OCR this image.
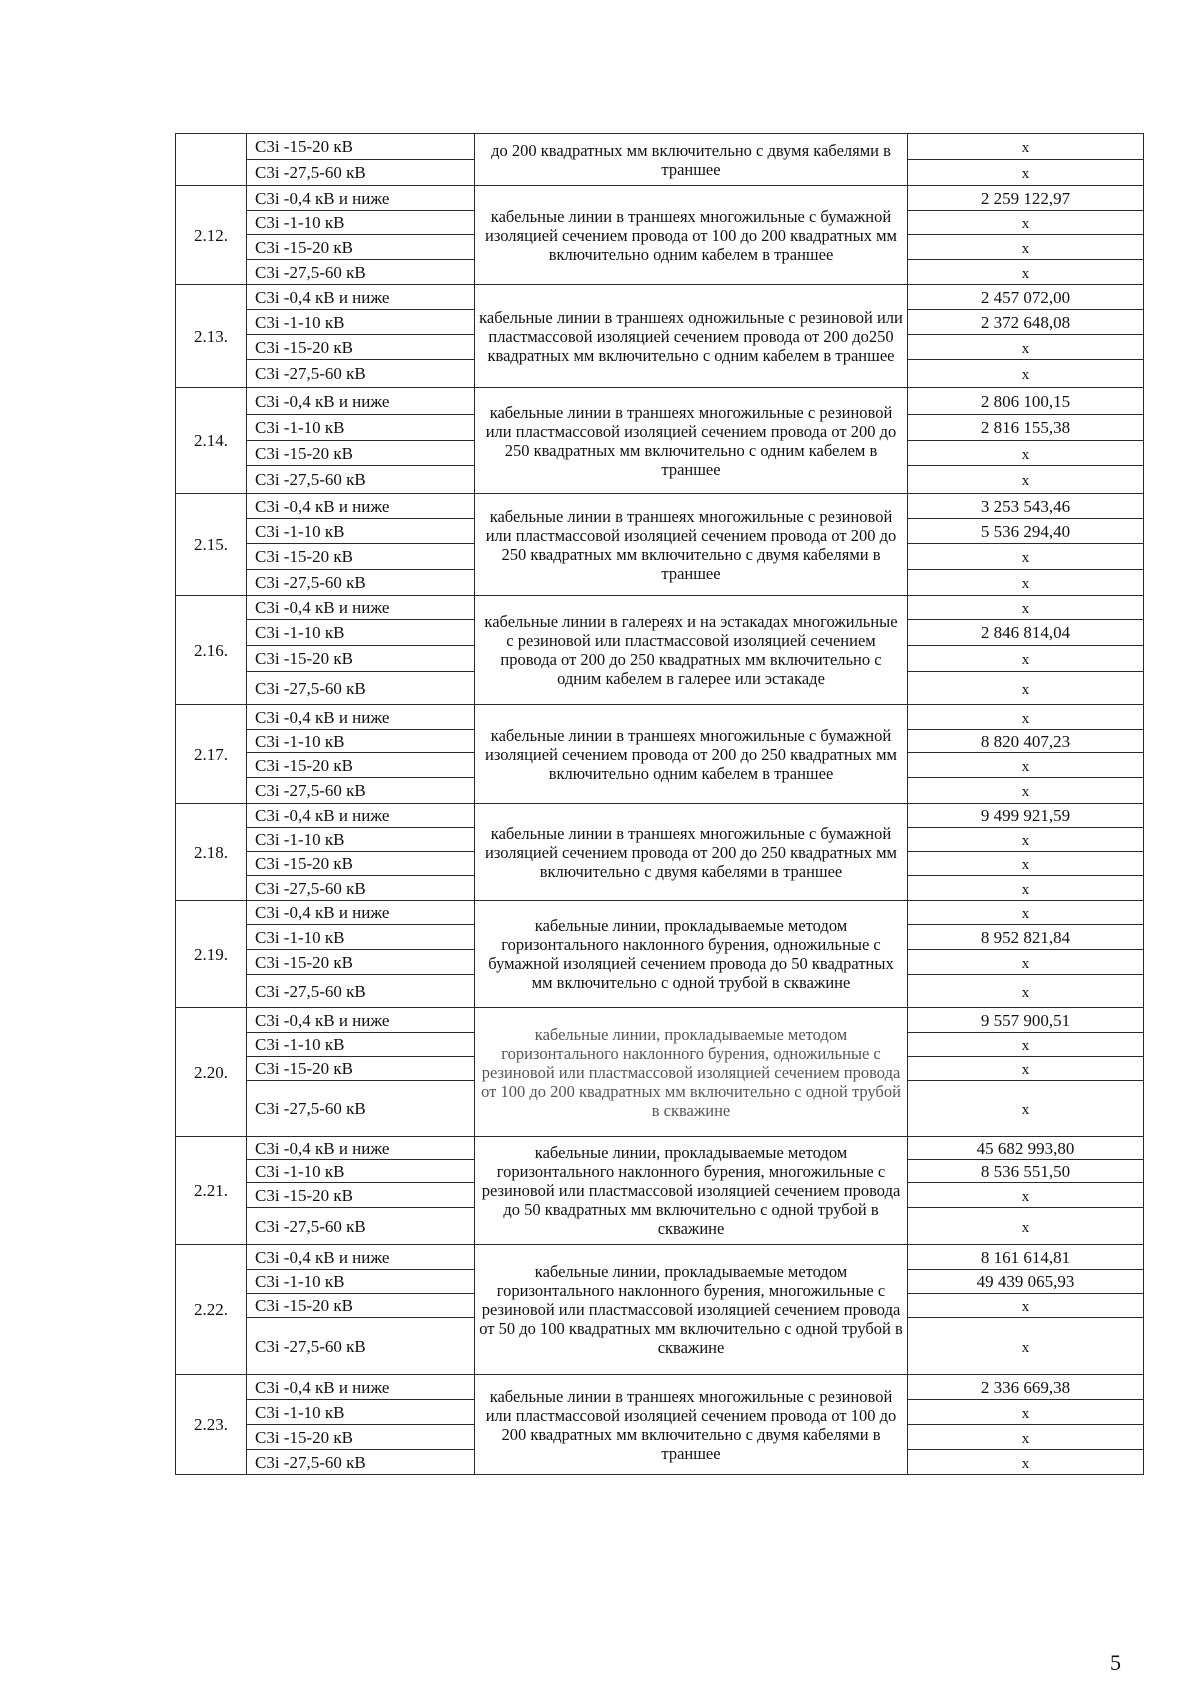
	С3i -15-20 кВ	до 200 квадратных мм включительно с двумя кабелями в траншее	x
	С3i -27,5-60 кВ		x
2.12.	С3i -0,4 кВ и ниже	кабельные линии в траншеях многожильные с бумажной изоляцией сечением провода от 100 до 200 квадратных мм включительно одним кабелем в траншее	2 259 122,97
	С3i -1-10 кВ		x
	С3i -15-20 кВ		x
	С3i -27,5-60 кВ		x
2.13.	С3i -0,4 кВ и ниже	кабельные линии в траншеях одножильные с резиновой или пластмассовой изоляцией сечением провода от 200 до250 квадратных мм включительно с одним кабелем в траншее	2 457 072,00
	С3i -1-10 кВ		2 372 648,08
	С3i -15-20 кВ		x
	С3i -27,5-60 кВ		x
2.14.	С3i -0,4 кВ и ниже	кабельные линии в траншеях многожильные с резиновой или пластмассовой изоляцией сечением провода от 200 до 250 квадратных мм включительно с одним кабелем в траншее	2 806 100,15
	С3i -1-10 кВ		2 816 155,38
	С3i -15-20 кВ		x
	С3i -27,5-60 кВ		x
2.15.	С3i -0,4 кВ и ниже	кабельные линии в траншеях многожильные с резиновой или пластмассовой изоляцией сечением провода от 200 до 250 квадратных мм включительно с двумя кабелями в траншее	3 253 543,46
	С3i -1-10 кВ		5 536 294,40
	С3i -15-20 кВ		x
	С3i -27,5-60 кВ		x
2.16.	С3i -0,4 кВ и ниже	кабельные линии в галереях и на эстакадах многожильные с резиновой или пластмассовой изоляцией сечением провода от 200 до 250 квадратных мм включительно с одним кабелем в галерее или эстакаде	x
	С3i -1-10 кВ		2 846 814,04
	С3i -15-20 кВ		x
	С3i -27,5-60 кВ		x
2.17.	С3i -0,4 кВ и ниже	кабельные линии в траншеях многожильные с бумажной изоляцией сечением провода от 200 до 250 квадратных мм включительно одним кабелем в траншее	x
	С3i -1-10 кВ		8 820 407,23
	С3i -15-20 кВ		x
	С3i -27,5-60 кВ		x
2.18.	С3i -0,4 кВ и ниже	кабельные линии в траншеях многожильные с бумажной изоляцией сечением провода от 200 до 250 квадратных мм включительно с двумя кабелями в траншее	9 499 921,59
	С3i -1-10 кВ		x
	С3i -15-20 кВ		x
	С3i -27,5-60 кВ		x
2.19.	С3i -0,4 кВ и ниже	кабельные линии, прокладываемые методом горизонтального наклонного бурения, одножильные с бумажной изоляцией сечением провода до 50 квадратных мм включительно с одной трубой в скважине	x
	С3i -1-10 кВ		8 952 821,84
	С3i -15-20 кВ		x
	С3i -27,5-60 кВ		x
2.20.	С3i -0,4 кВ и ниже	кабельные линии, прокладываемые методом горизонтального наклонного бурения, одножильные с резиновой или пластмассовой изоляцией сечением провода от 100 до 200 квадратных мм включительно с одной трубой в скважине	9 557 900,51
	С3i -1-10 кВ		x
	С3i -15-20 кВ		x
	С3i -27,5-60 кВ		x
2.21.	С3i -0,4 кВ и ниже	кабельные линии, прокладываемые методом горизонтального наклонного бурения, многожильные с резиновой или пластмассовой изоляцией сечением провода до 50 квадратных мм включительно с одной трубой в скважине	45 682 993,80
	С3i -1-10 кВ		8 536 551,50
	С3i -15-20 кВ		x
	С3i -27,5-60 кВ		x
2.22.	С3i -0,4 кВ и ниже	кабельные линии, прокладываемые методом горизонтального наклонного бурения, многожильные с резиновой или пластмассовой изоляцией сечением провода от 50 до 100 квадратных мм включительно с одной трубой в скважине	8 161 614,81
	С3i -1-10 кВ		49 439 065,93
	С3i -15-20 кВ		x
	С3i -27,5-60 кВ		x
2.23.	С3i -0,4 кВ и ниже	кабельные линии в траншеях многожильные с резиновой или пластмассовой изоляцией сечением провода от 100 до 200 квадратных мм включительно с двумя кабелями в траншее	2 336 669,38
	С3i -1-10 кВ		x
	С3i -15-20 кВ		x
	С3i -27,5-60 кВ		x
5
